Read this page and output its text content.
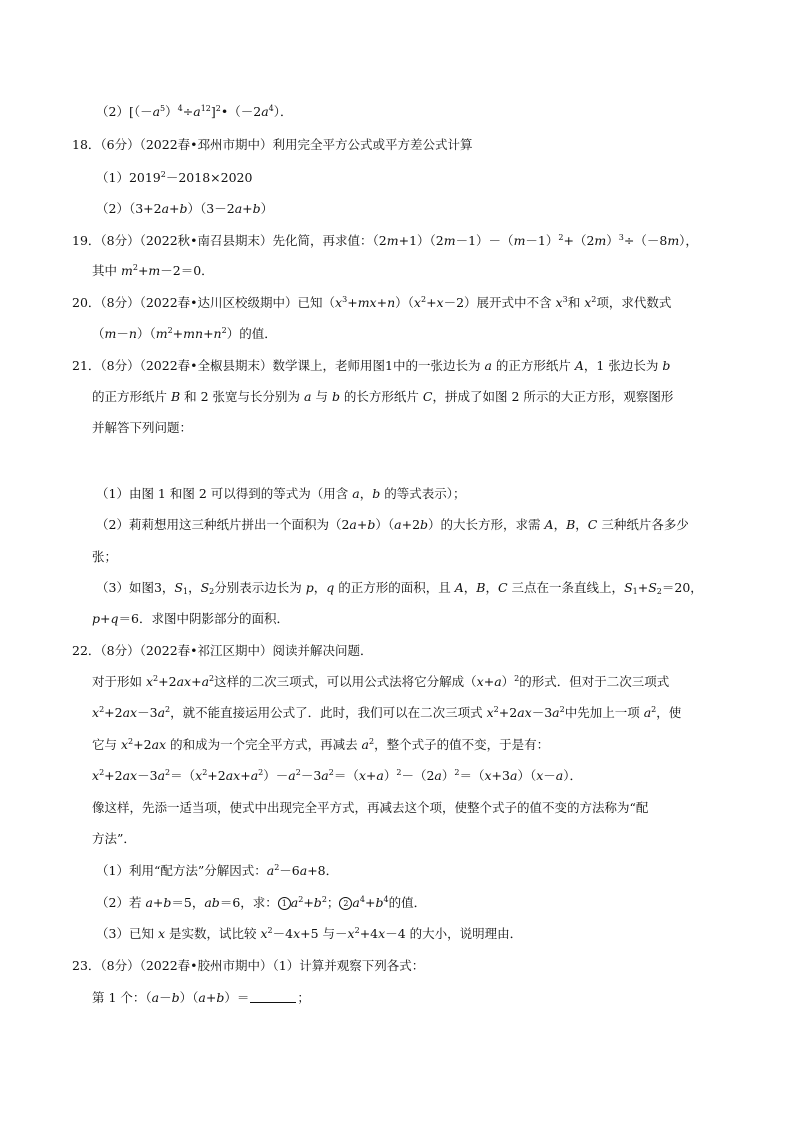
$(2)[(-a^5)^4\div a^{12}]^2•(-2a^4)$．
18．（6分）（2022春•邳州市期中）利用完全平方公式或平方差公式计算
$(1)2019^2-2018\times 2020$
（2）（3+2a+b）（3－2a+b）
19．（8分）（2022秋•南召县期末）先化简，再求值：$(2m+1)(2m-1)-(m-1)^2+(2m)^3\div(-8m)$，
其中 $m^2+m-2=0$．
20．（8分）（2022春•达川区校级期中）已知$(x^3+mx+n)(x^2+x-2)$展开式中不含 $x^3$和 $x^2$项，求代数式
$(m-n)(m^2+mn+n^2)$的值．
21．（8分）（2022春•全椒县期末）数学课上，老师用图1中的一张边长为 a 的正方形纸片 A，1 张边长为 b
的正方形纸片 B 和 2 张宽与长分别为 a 与 b 的长方形纸片 C，拼成了如图 2 所示的大正方形，观察图形
并解答下列问题：
（1）由图 1 和图 2 可以得到的等式为（用含 a，b 的等式表示）；
（2）莉莉想用这三种纸片拼出一个面积为（2a+b）（a+2b）的大长方形，求需 A，B，C 三种纸片各多少
张；
（3）如图3，$S_1$，$S_2$分别表示边长为 p，q 的正方形的面积，且 A，B，C 三点在一条直线上，$S_1+S_2=20$，
p+q＝6．求图中阴影部分的面积．
22．（8分）（2022春•祁江区期中）阅读并解决问题．
对于形如 $x^2+2ax+a^2$这样的二次三项式，可以用公式法将它分解成$(x+a)^2$的形式．但对于二次三项式
$x^2+2ax-3a^2$，就不能直接运用公式了．此时，我们可以在二次三项式 $x^2+2ax-3a^2$中先加上一项 $a^2$，使
它与 $x^2+2ax$ 的和成为一个完全平方式，再减去 $a^2$，整个式子的值不变，于是有：
$x^2+2ax-3a^2=(x^2+2ax+a^2)-a^2-3a^2=(x+a)^2-(2a)^2=(x+3a)(x-a)$．
像这样，先添一适当项，使式中出现完全平方式，再减去这个项，使整个式子的值不变的方法称为“配
方法”．
（1）利用“配方法”分解因式：$a^2-6a+8$．
（2）若 a+b＝5，ab＝6，求： 1 $a^2+b^2$； 2 $a^4+b^4$的值．
（3）已知 x 是实数，试比较 $x^2-4x+5$ 与$-x^2+4x-4$ 的大小，说明理由．
23．（8分）（2022春•胶州市期中）（1）计算并观察下列各式：
第 1 个：（a－b）（a+b）＝	；
